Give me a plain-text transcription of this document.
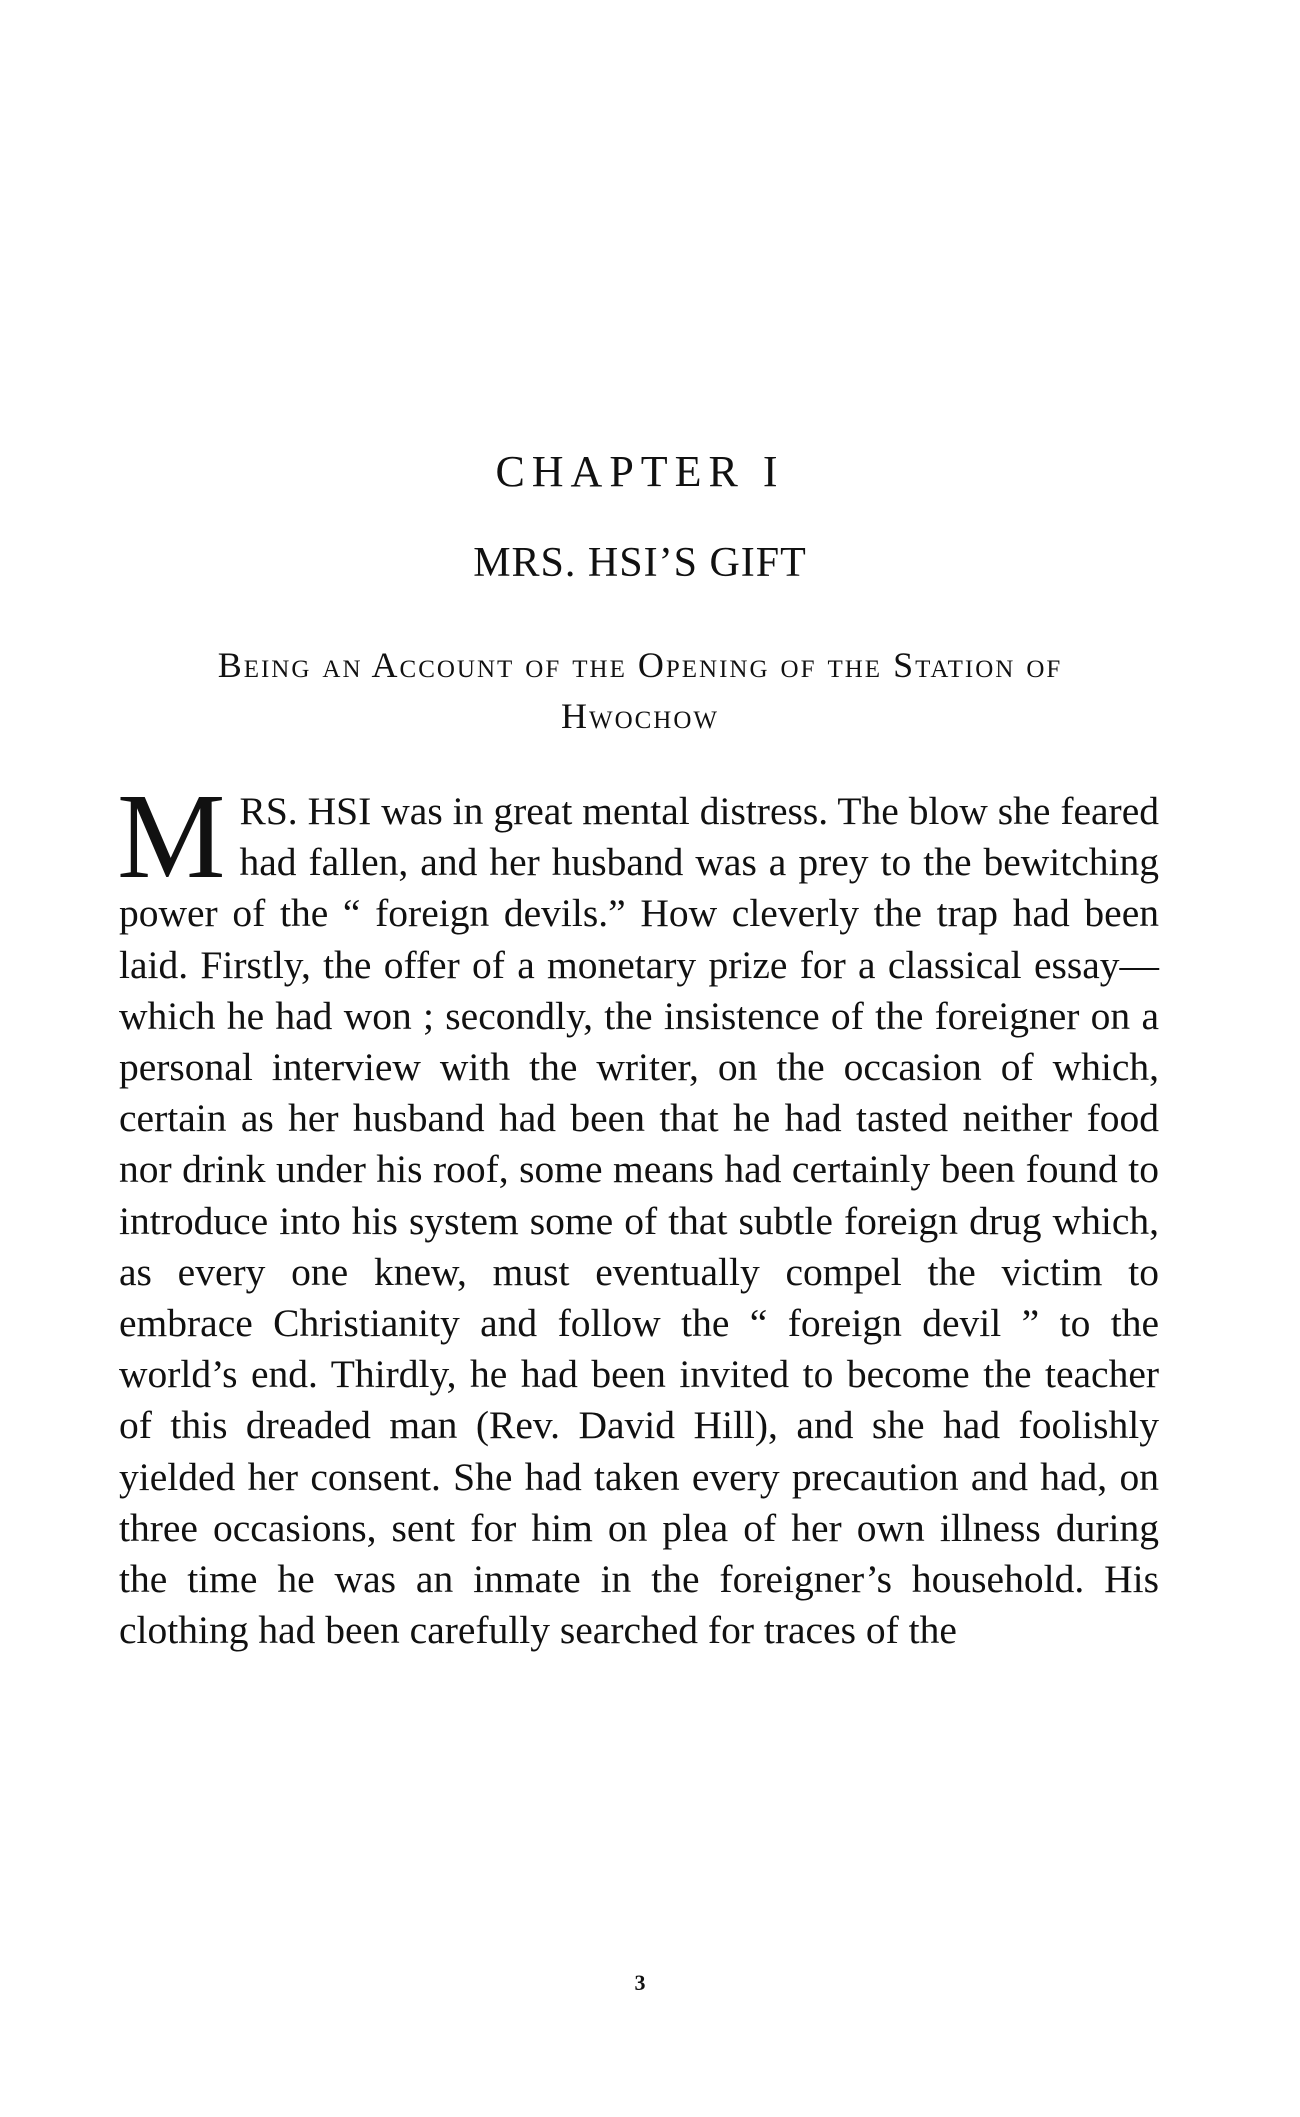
CHAPTER I
MRS. HSI’S GIFT

Being an Account of the Opening of the Station of Hwochow

MRS. HSI was in great mental distress. The blow she feared had fallen, and her husband was a prey to the bewitching power of the “ foreign devils.” How cleverly the trap had been laid. Firstly, the offer of a monetary prize for a classical essay—which he had won ; secondly, the insistence of the foreigner on a personal interview with the writer, on the occasion of which, certain as her husband had been that he had tasted neither food nor drink under his roof, some means had certainly been found to introduce into his system some of that subtle foreign drug which, as every one knew, must eventually compel the victim to embrace Christianity and follow the “ foreign devil ” to the world’s end. Thirdly, he had been invited to become the teacher of this dreaded man (Rev. David Hill), and she had foolishly yielded her consent. She had taken every precaution and had, on three occasions, sent for him on plea of her own illness during the time he was an inmate in the foreigner’s household. His clothing had been carefully searched for traces of the

3
